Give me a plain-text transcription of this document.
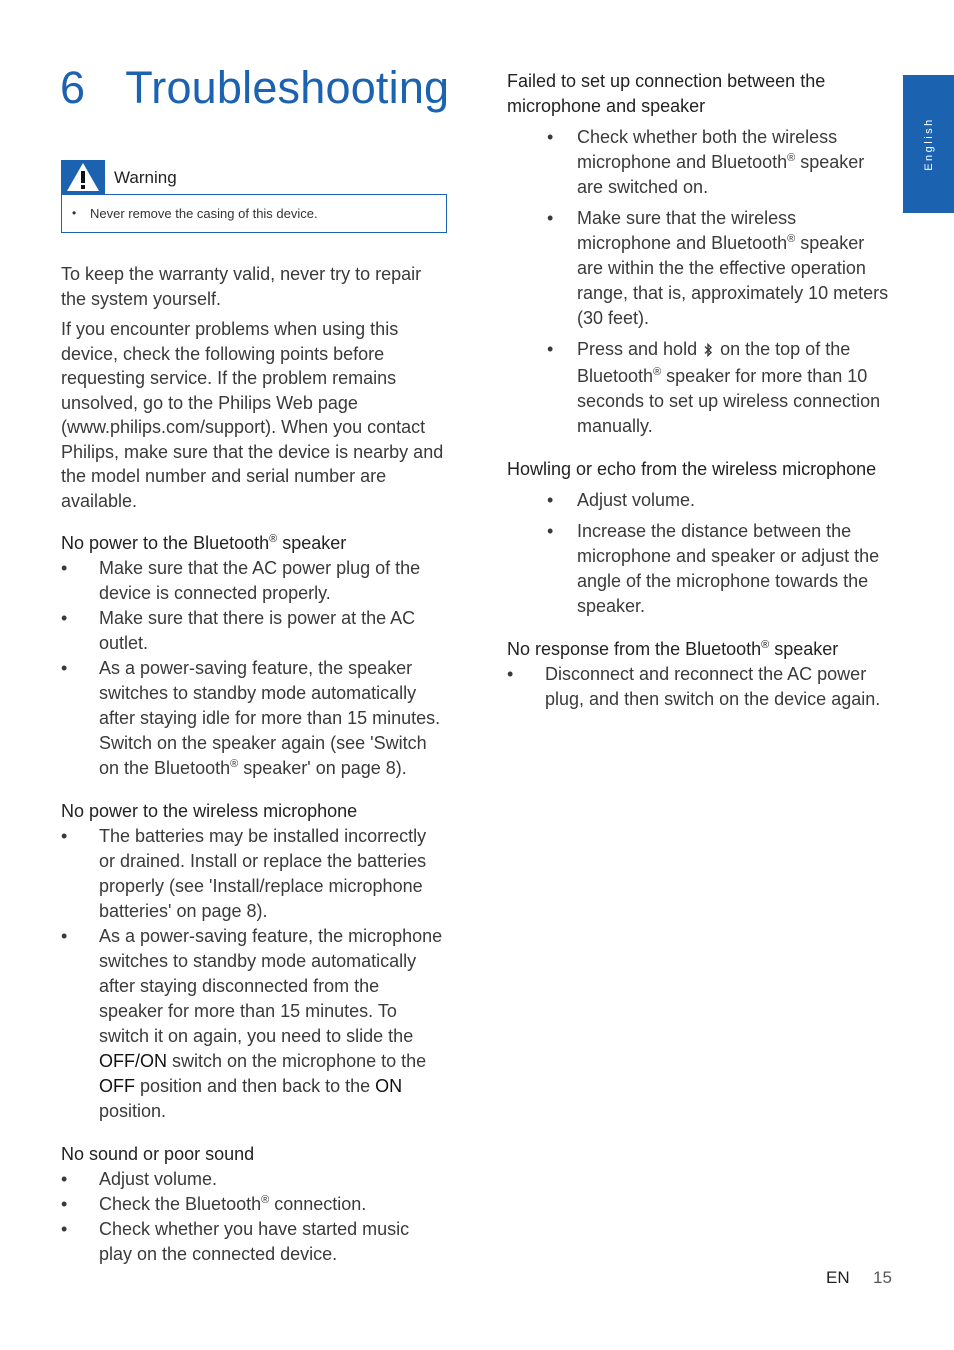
6 Troubleshooting
English
Warning
• Never remove the casing of this device.

To keep the warranty valid, never try to repair the system yourself.

If you encounter problems when using this device, check the following points before requesting service. If the problem remains unsolved, go to the Philips Web page (www.philips.com/support). When you contact Philips, make sure that the device is nearby and the model number and serial number are available.

No power to the Bluetooth® speaker
• Make sure that the AC power plug of the device is connected properly.
• Make sure that there is power at the AC outlet.
• As a power-saving feature, the speaker switches to standby mode automatically after staying idle for more than 15 minutes. Switch on the speaker again (see 'Switch on the Bluetooth® speaker' on page 8).
No power to the wireless microphone
• The batteries may be installed incorrectly or drained. Install or replace the batteries properly (see 'Install/replace microphone batteries' on page 8).
• As a power-saving feature, the microphone switches to standby mode automatically after staying disconnected from the speaker for more than 15 minutes. To switch it on again, you need to slide the OFF/ON switch on the microphone to the OFF position and then back to the ON position.
No sound or poor sound
• Adjust volume.
• Check the Bluetooth® connection.
• Check whether you have started music play on the connected device.
Failed to set up connection between the microphone and speaker
• Check whether both the wireless microphone and Bluetooth® speaker are switched on.
• Make sure that the wireless microphone and Bluetooth® speaker are within the the effective operation range, that is, approximately 10 meters (30 feet).
• Press and hold on the top of the Bluetooth® speaker for more than 10 seconds to set up wireless connection manually.
Howling or echo from the wireless microphone
• Adjust volume.
• Increase the distance between the microphone and speaker or adjust the angle of the microphone towards the speaker.
No response from the Bluetooth® speaker
• Disconnect and reconnect the AC power plug, and then switch on the device again.
EN 15
